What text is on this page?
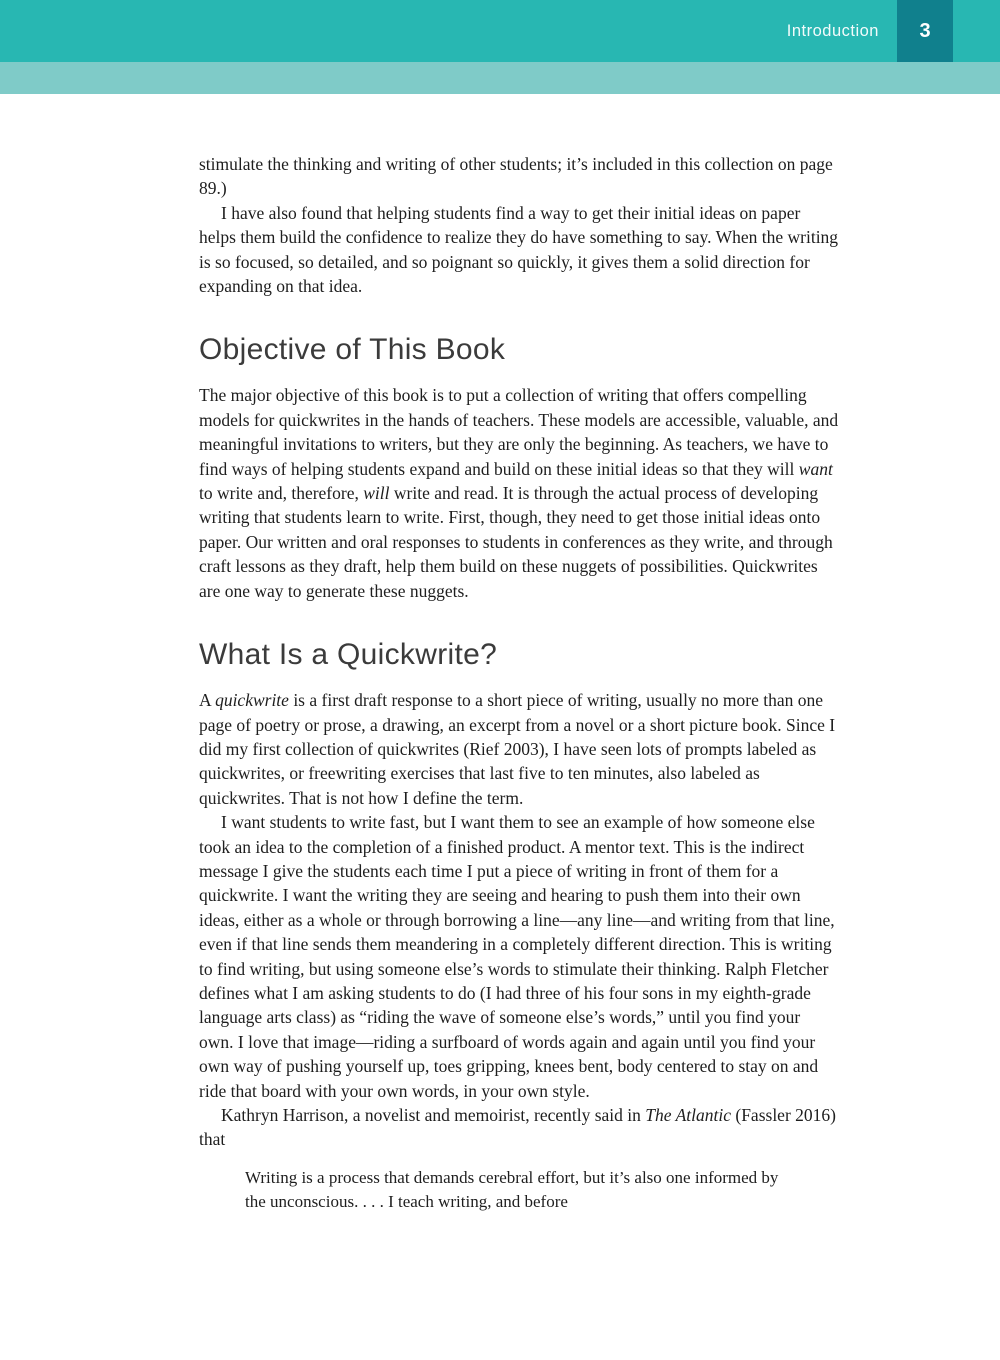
Introduction	3

stimulate the thinking and writing of other students; it’s included in this collection on page 89.)

I have also found that helping students find a way to get their initial ideas on paper helps them build the confidence to realize they do have something to say. When the writing is so focused, so detailed, and so poignant so quickly, it gives them a solid direction for expanding on that idea.

Objective of This Book

The major objective of this book is to put a collection of writing that offers compelling models for quickwrites in the hands of teachers. These models are accessible, valuable, and meaningful invitations to writers, but they are only the beginning. As teachers, we have to find ways of helping students expand and build on these initial ideas so that they will want to write and, therefore, will write and read. It is through the actual process of developing writing that students learn to write. First, though, they need to get those initial ideas onto paper. Our written and oral responses to students in conferences as they write, and through craft lessons as they draft, help them build on these nuggets of possibilities. Quickwrites are one way to generate these nuggets.

What Is a Quickwrite?

A quickwrite is a first draft response to a short piece of writing, usually no more than one page of poetry or prose, a drawing, an excerpt from a novel or a short picture book. Since I did my first collection of quickwrites (Rief 2003), I have seen lots of prompts labeled as quickwrites, or freewriting exercises that last five to ten minutes, also labeled as quickwrites. That is not how I define the term.

I want students to write fast, but I want them to see an example of how someone else took an idea to the completion of a finished product. A mentor text. This is the indirect message I give the students each time I put a piece of writing in front of them for a quickwrite. I want the writing they are seeing and hearing to push them into their own ideas, either as a whole or through borrowing a line—any line—and writing from that line, even if that line sends them meandering in a completely different direction. This is writing to find writing, but using someone else’s words to stimulate their thinking. Ralph Fletcher defines what I am asking students to do (I had three of his four sons in my eighth-grade language arts class) as “riding the wave of someone else’s words,” until you find your own. I love that image—riding a surfboard of words again and again until you find your own way of pushing yourself up, toes gripping, knees bent, body centered to stay on and ride that board with your own words, in your own style.

Kathryn Harrison, a novelist and memoirist, recently said in The Atlantic (Fassler 2016) that

Writing is a process that demands cerebral effort, but it’s also one informed by the unconscious. . . . I teach writing, and before
